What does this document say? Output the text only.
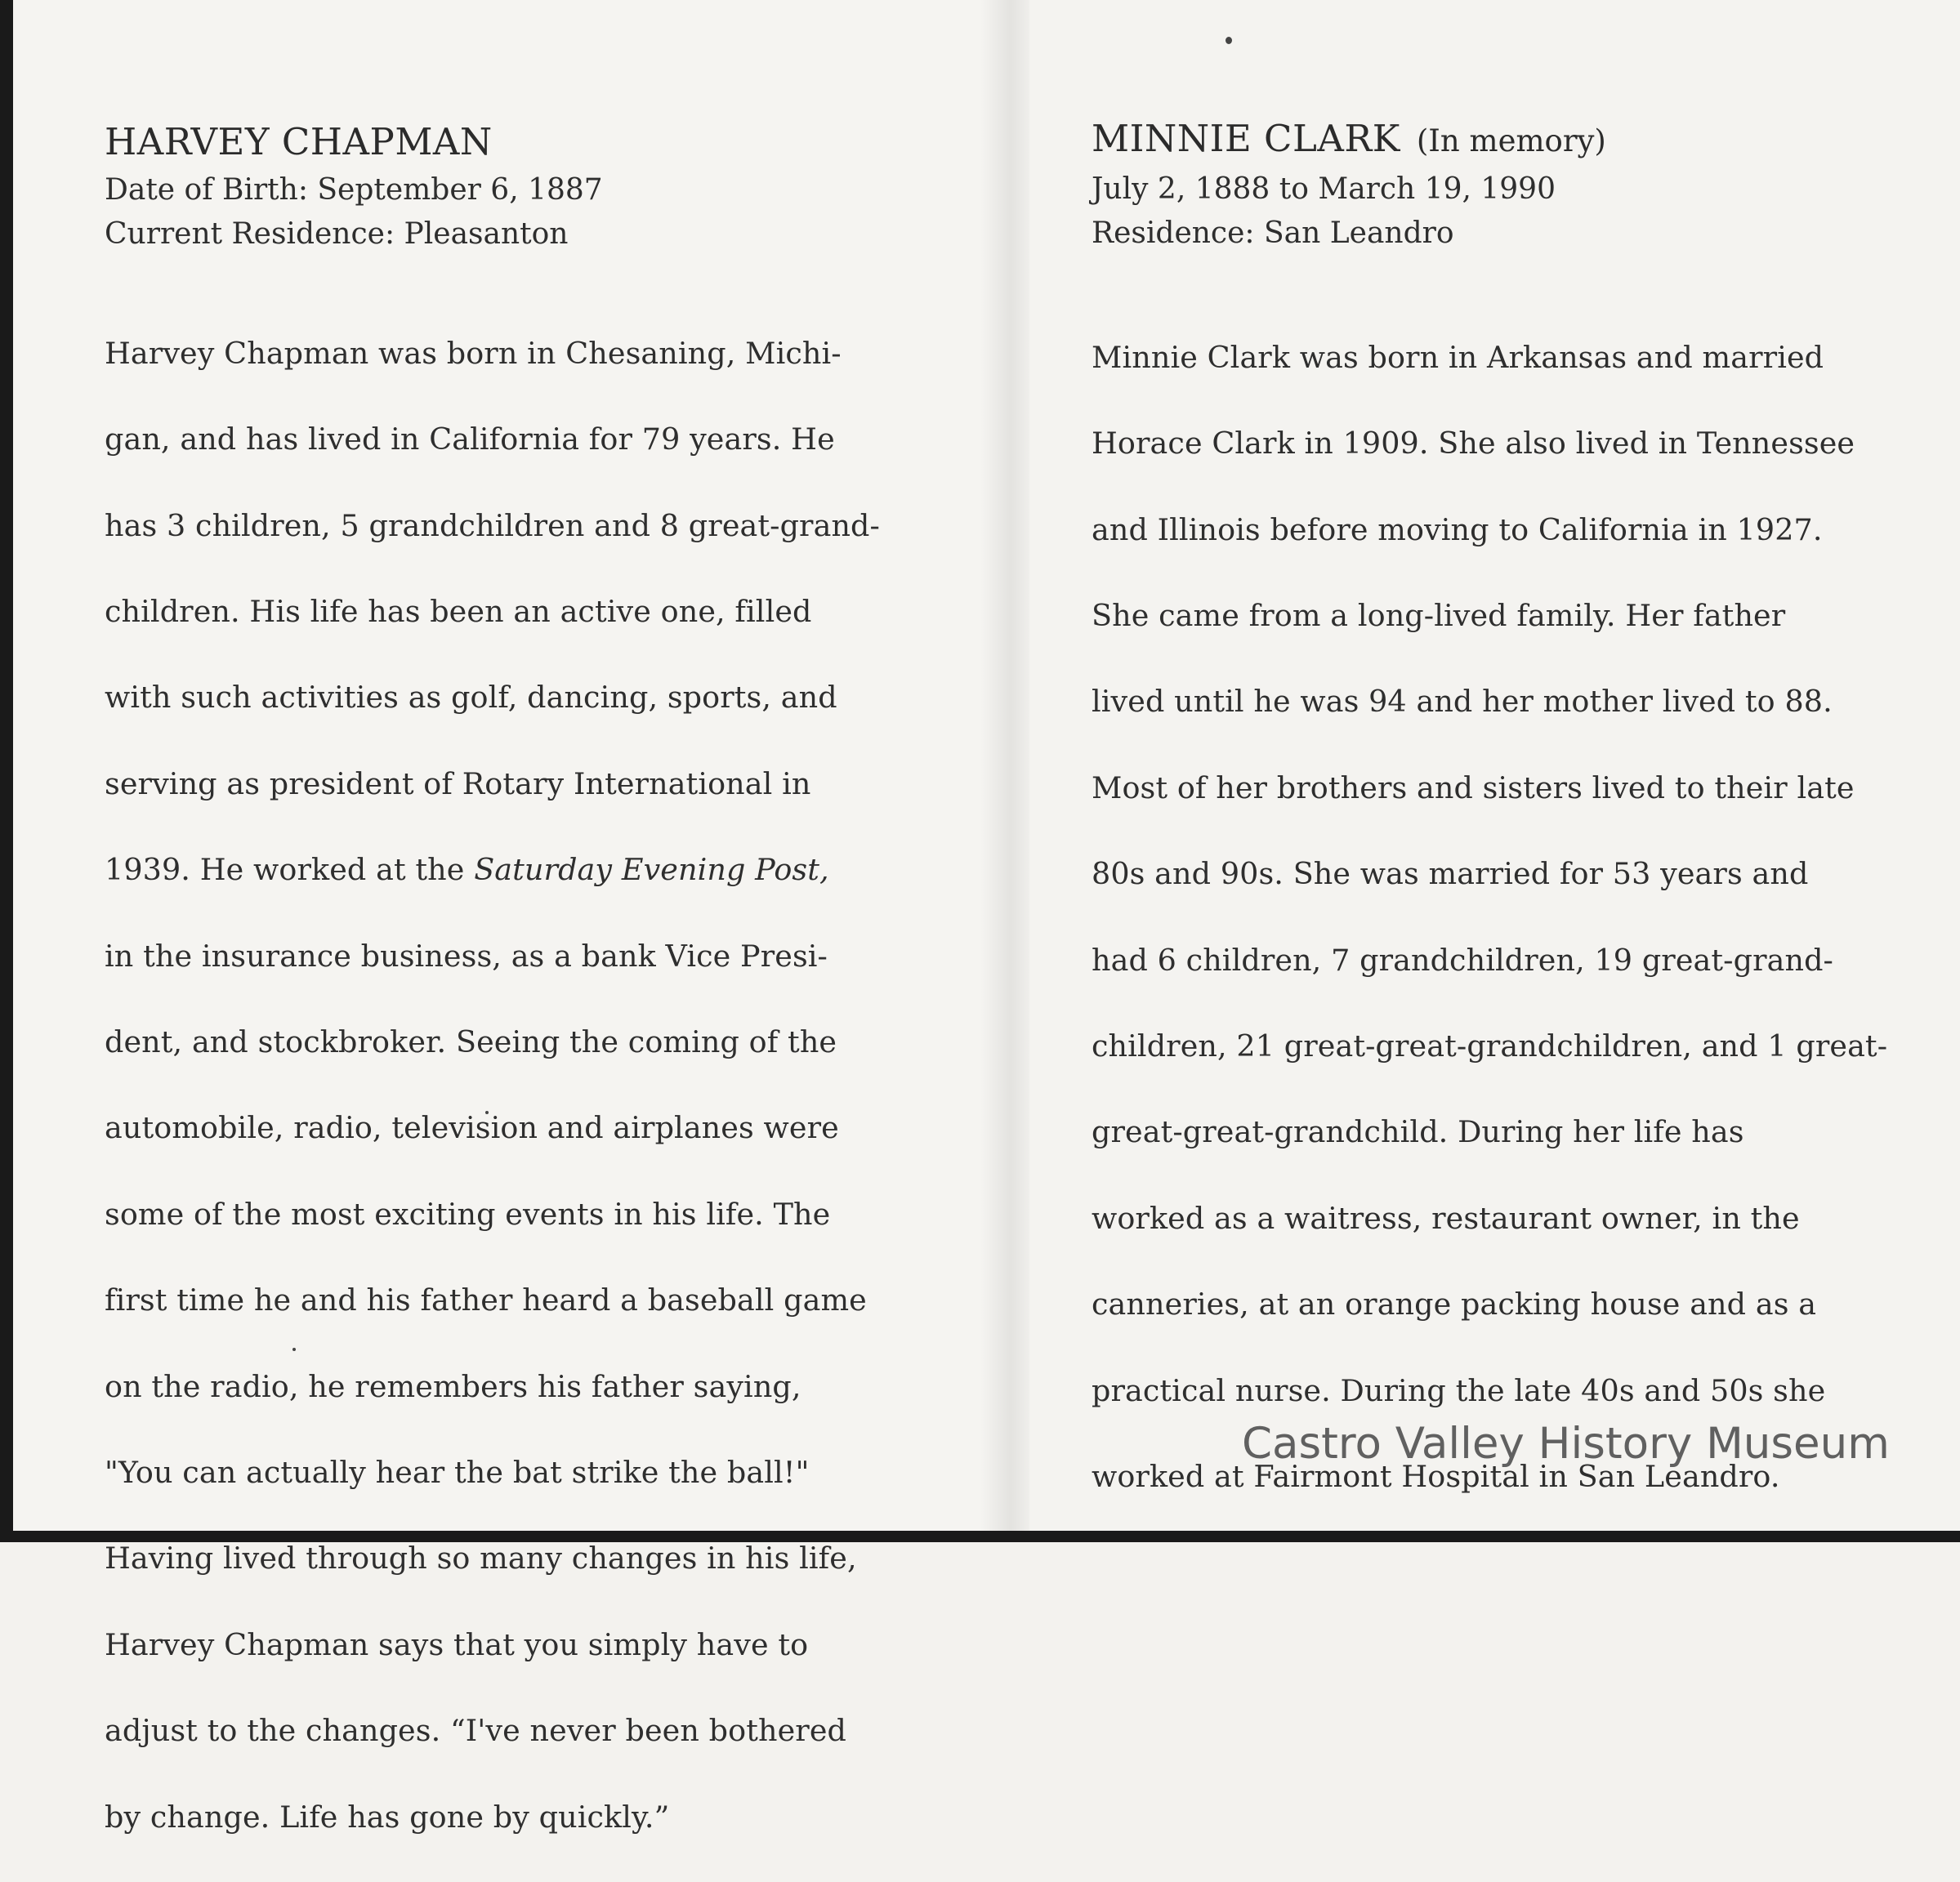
HARVEY CHAPMAN

Date of Birth: September 6, 1887

Current Residence: Pleasanton

Harvey Chapman was born in Chesaning, Michi-

gan, and has lived in California for 79 years. He

has 3 children, 5 grandchildren and 8 great-grand-

children. His life has been an active one, filled

with such activities as golf, dancing, sports, and

serving as president of Rotary International in

1939. He worked at the Saturday Evening Post,

in the insurance business, as a bank Vice Presi-

dent, and stockbroker. Seeing the coming of the

automobile, radio, television and airplanes were

some of the most exciting events in his life. The

first time he and his father heard a baseball game

on the radio, he remembers his father saying,

"You can actually hear the bat strike the ball!"

Having lived through so many changes in his life,

Harvey Chapman says that you simply have to

adjust to the changes. “I've never been bothered

by change. Life has gone by quickly.”

MINNIE CLARK (In memory)

July 2, 1888 to March 19, 1990

Residence: San Leandro

Minnie Clark was born in Arkansas and married

Horace Clark in 1909. She also lived in Tennessee

and Illinois before moving to California in 1927.

She came from a long-lived family. Her father

lived until he was 94 and her mother lived to 88.

Most of her brothers and sisters lived to their late

80s and 90s. She was married for 53 years and

had 6 children, 7 grandchildren, 19 great-grand-

children, 21 great-great-grandchildren, and 1 great-

great-great-grandchild. During her life has

worked as a waitress, restaurant owner, in the

canneries, at an orange packing house and as a

practical nurse. During the late 40s and 50s she

worked at Fairmont Hospital in San Leandro.

Castro Valley History Museum
